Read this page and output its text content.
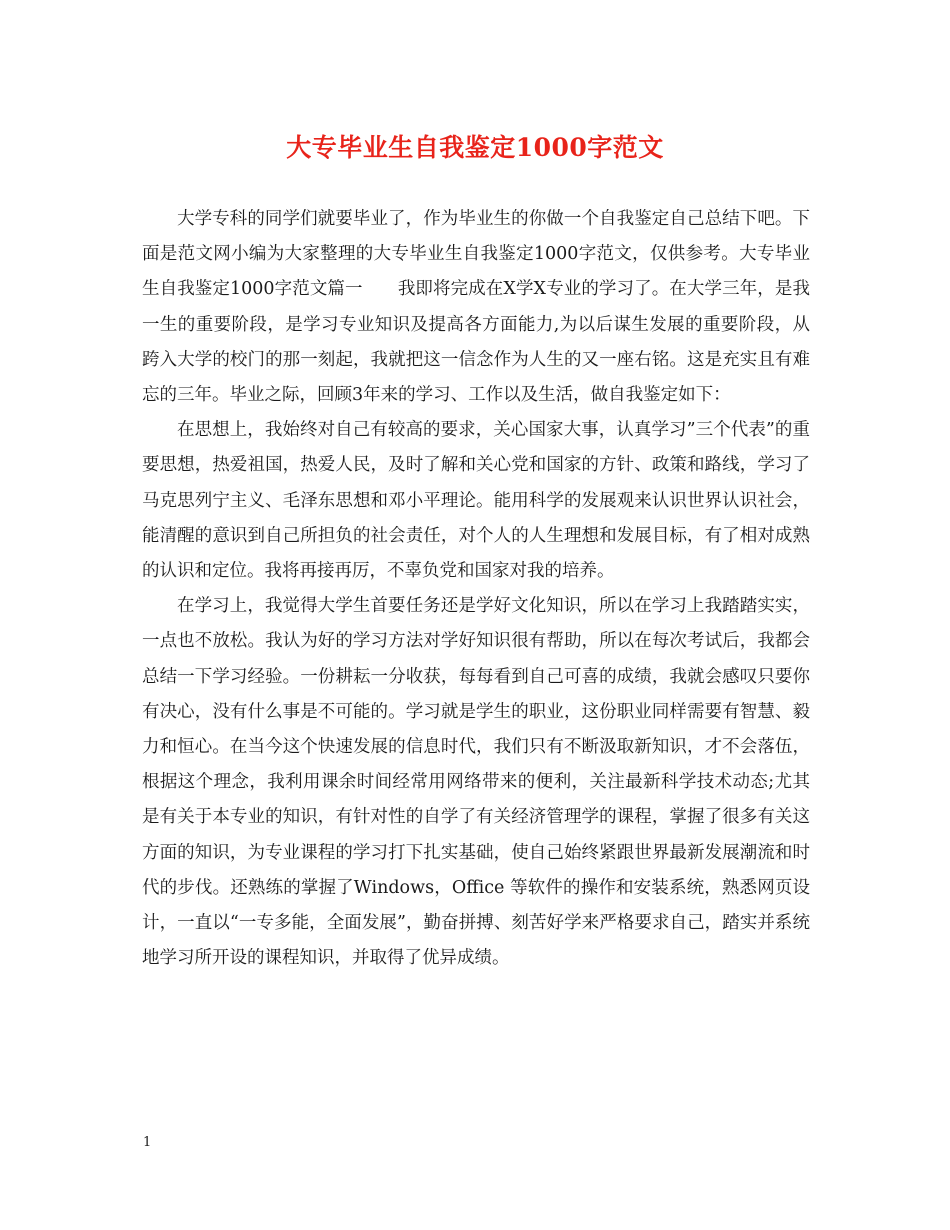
大专毕业生自我鉴定1000字范文

大学专科的同学们就要毕业了，作为毕业生的你做一个自我鉴定自己总结下吧。下面是范文网小编为大家整理的大专毕业生自我鉴定1000字范文，仅供参考。大专毕业生自我鉴定1000字范文篇一　　我即将完成在X学X专业的学习了。在大学三年，是我一生的重要阶段，是学习专业知识及提高各方面能力,为以后谋生发展的重要阶段，从跨入大学的校门的那一刻起，我就把这一信念作为人生的又一座右铭。这是充实且有难忘的三年。毕业之际，回顾3年来的学习、工作以及生活，做自我鉴定如下：

在思想上，我始终对自己有较高的要求，关心国家大事，认真学习”三个代表”的重要思想，热爱祖国，热爱人民，及时了解和关心党和国家的方针、政策和路线，学习了马克思列宁主义、毛泽东思想和邓小平理论。能用科学的发展观来认识世界认识社会，能清醒的意识到自己所担负的社会责任，对个人的人生理想和发展目标，有了相对成熟的认识和定位。我将再接再厉，不辜负党和国家对我的培养。

在学习上，我觉得大学生首要任务还是学好文化知识，所以在学习上我踏踏实实，一点也不放松。我认为好的学习方法对学好知识很有帮助，所以在每次考试后，我都会总结一下学习经验。一份耕耘一分收获，每每看到自己可喜的成绩，我就会感叹只要你有决心，没有什么事是不可能的。学习就是学生的职业，这份职业同样需要有智慧、毅力和恒心。在当今这个快速发展的信息时代，我们只有不断汲取新知识，才不会落伍，根据这个理念，我利用课余时间经常用网络带来的便利，关注最新科学技术动态;尤其是有关于本专业的知识，有针对性的自学了有关经济管理学的课程，掌握了很多有关这方面的知识，为专业课程的学习打下扎实基础，使自己始终紧跟世界最新发展潮流和时代的步伐。还熟练的掌握了Windows，Office 等软件的操作和安装系统，熟悉网页设计，一直以“一专多能，全面发展”，勤奋拼搏、刻苦好学来严格要求自己，踏实并系统地学习所开设的课程知识，并取得了优异成绩。

1
